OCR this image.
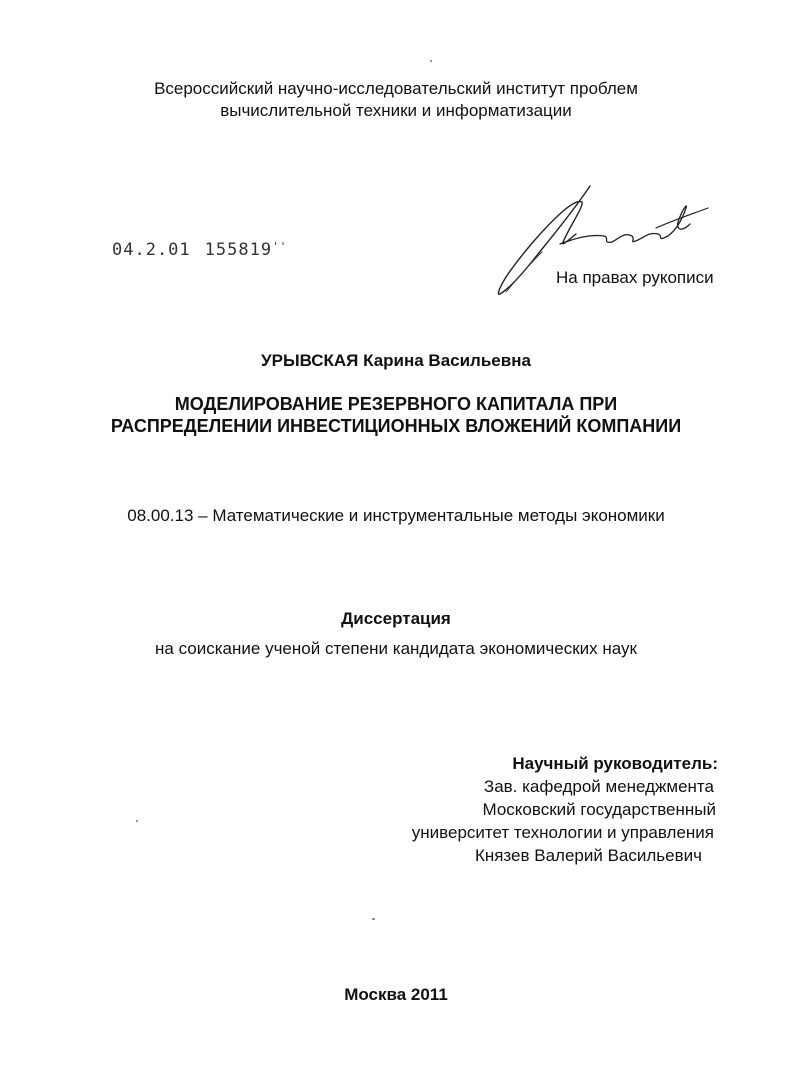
Всероссийский научно-исследовательский институт проблем
вычислительной техники и информатизации
04.2.01 155819''
На правах рукописи
УРЫВСКАЯ Карина Васильевна
МОДЕЛИРОВАНИЕ РЕЗЕРВНОГО КАПИТАЛА ПРИ
РАСПРЕДЕЛЕНИИ ИНВЕСТИЦИОННЫХ ВЛОЖЕНИЙ КОМПАНИИ
08.00.13 – Математические и инструментальные методы экономики
Диссертация
на соискание ученой степени кандидата экономических наук
Научный руководитель:
Зав. кафедрой менеджмента
Московский государственный
университет технологии и управления
Князев Валерий Васильевич
Москва 2011
